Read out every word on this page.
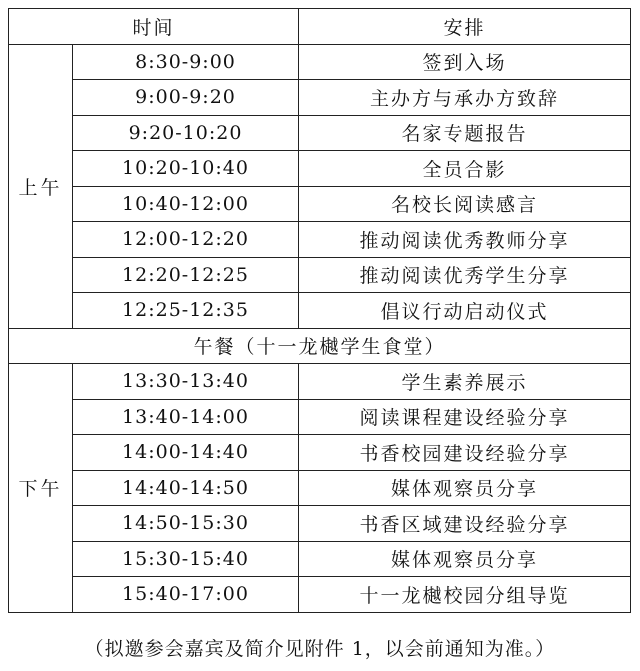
时间		安排
上午	8:30-9:00	签到入场
	9:00-9:20	主办方与承办方致辞
	9:20-10:20	名家专题报告
	10:20-10:40	全员合影
	10:40-12:00	名校长阅读感言
	12:00-12:20	推动阅读优秀教师分享
	12:20-12:25	推动阅读优秀学生分享
	12:25-12:35	倡议行动启动仪式
午餐（十一龙樾学生食堂）		
下午	13:30-13:40	学生素养展示
	13:40-14:00	阅读课程建设经验分享
	14:00-14:40	书香校园建设经验分享
	14:40-14:50	媒体观察员分享
	14:50-15:30	书香区域建设经验分享
	15:30-15:40	媒体观察员分享
	15:40-17:00	十一龙樾校园分组导览
（拟邀参会嘉宾及简介见附件 1，以会前通知为准。）
